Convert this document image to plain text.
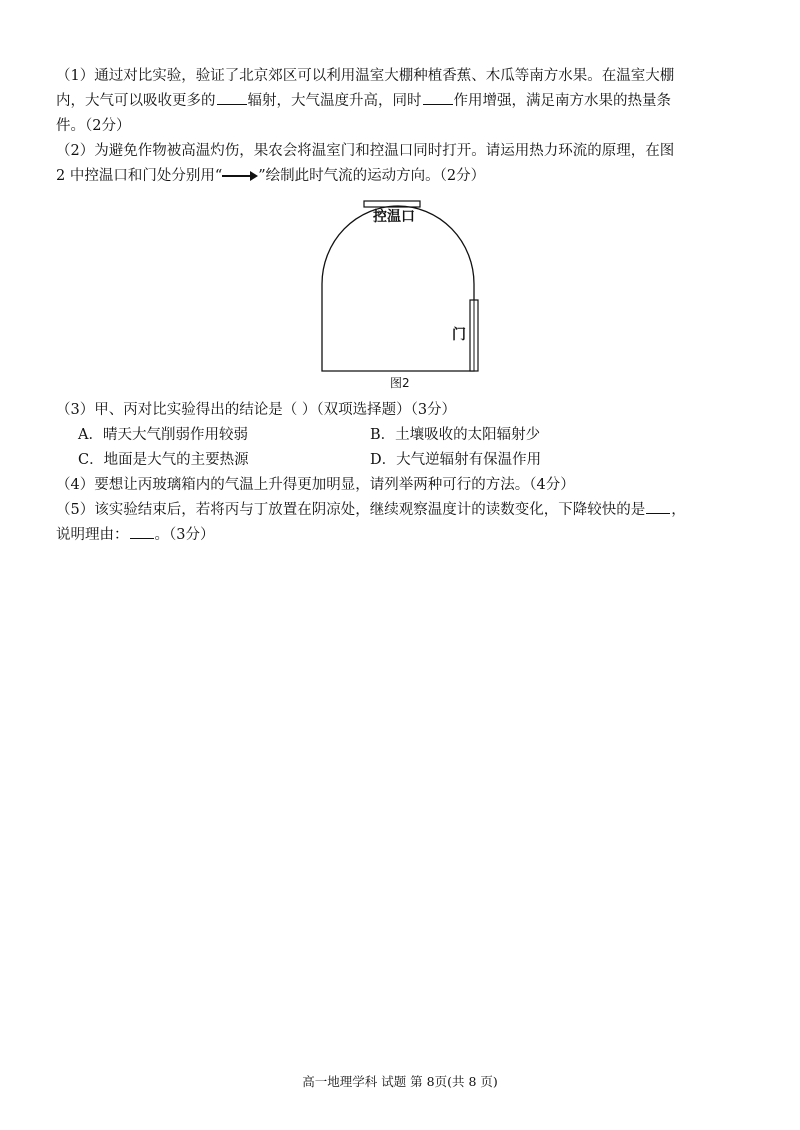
（1）通过对比实验，验证了北京郊区可以利用温室大棚种植香蕉、木瓜等南方水果。在温室大棚
内，大气可以吸收更多的 辐射，大气温度升高，同时 作用增强，满足南方水果的热量条
件。（2分）
（2）为避免作物被高温灼伤，果农会将温室门和控温口同时打开。请运用热力环流的原理，在图
2 中控温口和门处分别用“ ”绘制此时气流的运动方向。（2分）
控温口
门
图2
（3）甲、丙对比实验得出的结论是（ ）（双项选择题）（3分）
A．晴天大气削弱作用较弱	B．土壤吸收的太阳辐射少
C．地面是大气的主要热源	D．大气逆辐射有保温作用
（4）要想让丙玻璃箱内的气温上升得更加明显，请列举两种可行的方法。（4分）
（5）该实验结束后，若将丙与丁放置在阴凉处，继续观察温度计的读数变化，下降较快的是 ，
说明理由： 。（3分）
高一地理学科 试题 第 8页(共 8 页)
